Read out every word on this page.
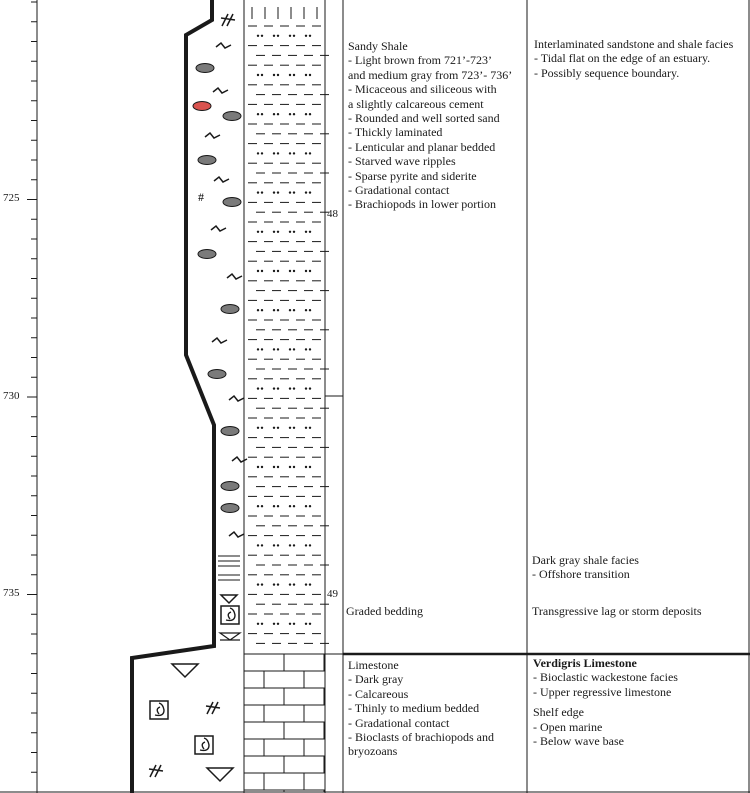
#
725
730
735
48
49
Sandy Shale
- Light brown from 721’-723’
and medium gray from 723’- 736’
- Micaceous and siliceous with
a slightly calcareous cement
- Rounded and well sorted sand
- Thickly laminated
- Lenticular and planar bedded
- Starved wave ripples
- Sparse pyrite and siderite
- Gradational contact
- Brachiopods in lower portion
Graded bedding
Limestone
- Dark gray
- Calcareous
- Thinly to medium bedded
- Gradational contact
- Bioclasts of brachiopods and
bryozoans
Interlaminated sandstone and shale facies
- Tidal flat on the edge of an estuary.
- Possibly sequence boundary.
Dark gray shale facies
- Offshore transition
Transgressive lag or storm deposits
Verdigris Limestone
- Bioclastic wackestone facies
- Upper regressive limestone
Shelf edge
- Open marine
- Below wave base
